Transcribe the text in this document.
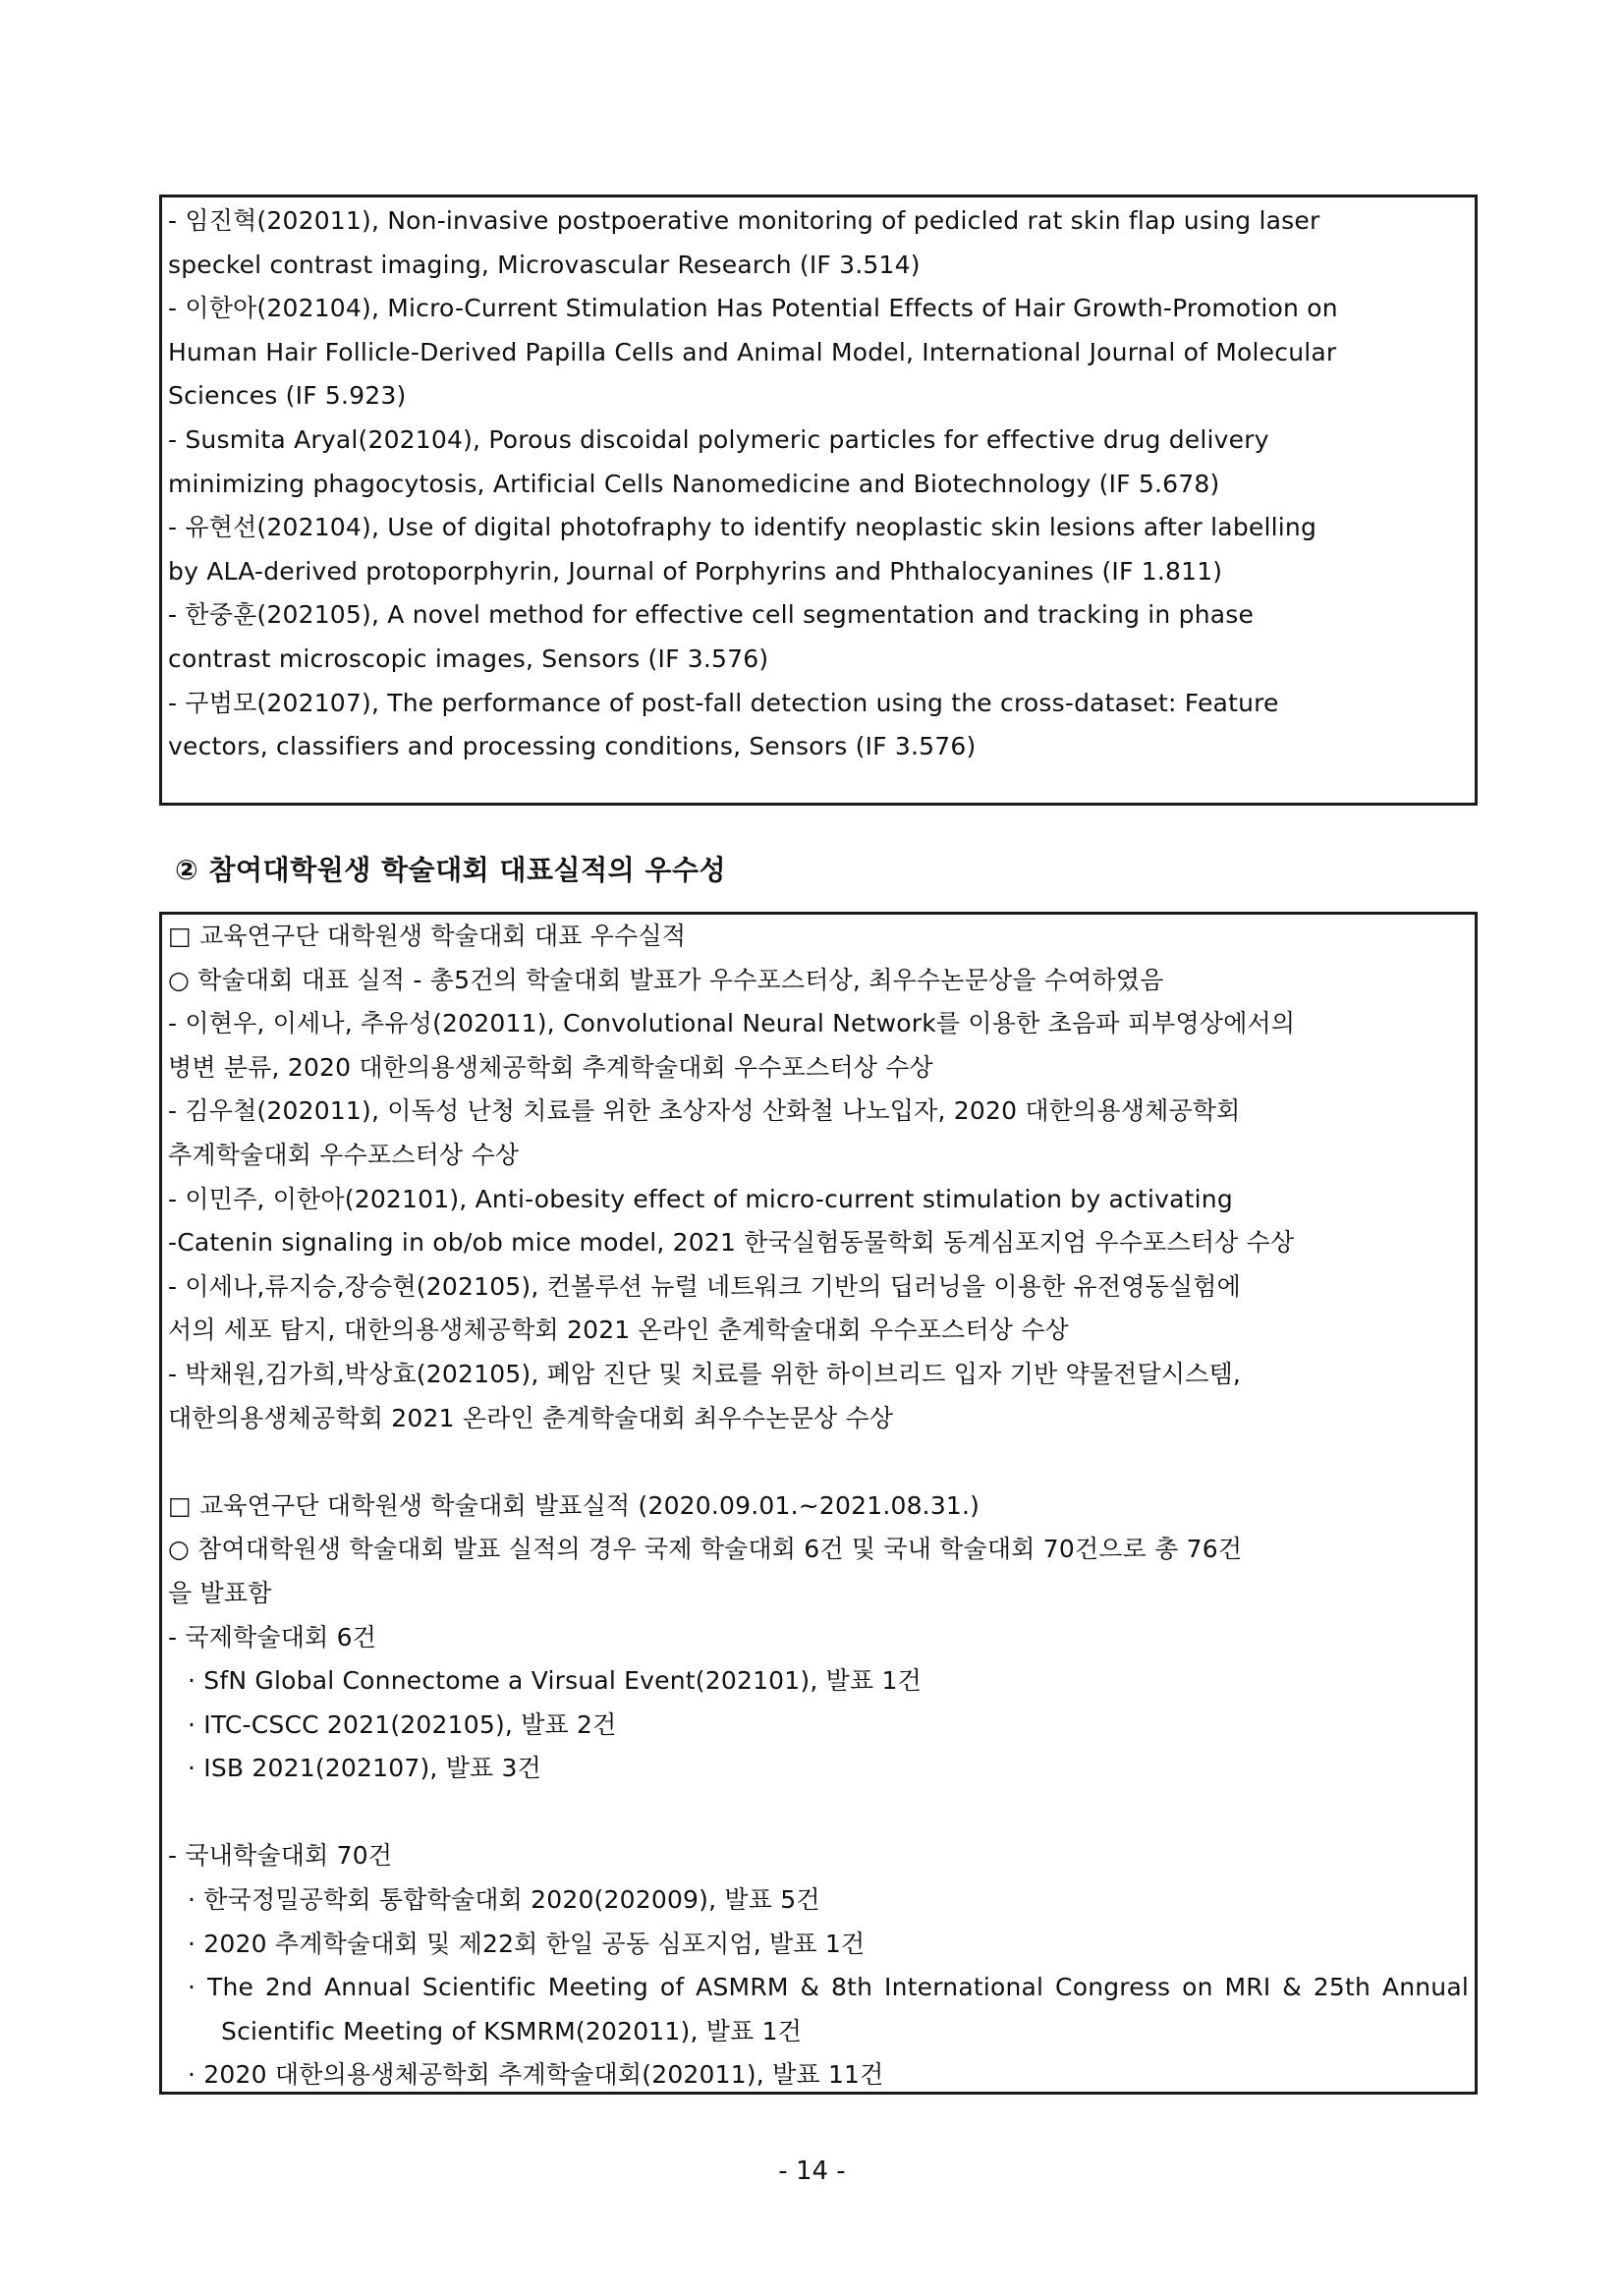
- 임진혁(202011), Non-invasive postpoerative monitoring of pedicled rat skin flap using laser

speckel contrast imaging, Microvascular Research (IF 3.514)

- 이한아(202104), Micro-Current Stimulation Has Potential Effects of Hair Growth-Promotion on

Human Hair Follicle-Derived Papilla Cells and Animal Model, International Journal of Molecular

Sciences (IF 5.923)

- Susmita Aryal(202104), Porous discoidal polymeric particles for effective drug delivery

minimizing phagocytosis, Artificial Cells Nanomedicine and Biotechnology (IF 5.678)

- 유현선(202104), Use of digital photofraphy to identify neoplastic skin lesions after labelling

by ALA-derived protoporphyrin, Journal of Porphyrins and Phthalocyanines (IF 1.811)

- 한중훈(202105), A novel method for effective cell segmentation and tracking in phase

contrast microscopic images, Sensors (IF 3.576)

- 구범모(202107), The performance of post-fall detection using the cross-dataset: Feature

vectors, classifiers and processing conditions, Sensors (IF 3.576)

② 참여대학원생 학술대회 대표실적의 우수성

□ 교육연구단 대학원생 학술대회 대표 우수실적

○ 학술대회 대표 실적 - 총5건의 학술대회 발표가 우수포스터상, 최우수논문상을 수여하였음

- 이현우, 이세나, 추유성(202011), Convolutional Neural Network를 이용한 초음파 피부영상에서의

병변 분류, 2020 대한의용생체공학회 추계학술대회 우수포스터상 수상

- 김우철(202011), 이독성 난청 치료를 위한 초상자성 산화철 나노입자, 2020 대한의용생체공학회

추계학술대회 우수포스터상 수상

- 이민주, 이한아(202101), Anti-obesity effect of micro-current stimulation by activating

-Catenin signaling in ob/ob mice model, 2021 한국실험동물학회 동계심포지엄 우수포스터상 수상

- 이세나,류지승,장승현(202105), 컨볼루션 뉴럴 네트워크 기반의 딥러닝을 이용한 유전영동실험에

서의 세포 탐지, 대한의용생체공학회 2021 온라인 춘계학술대회 우수포스터상 수상

- 박채원,김가희,박상효(202105), 폐암 진단 및 치료를 위한 하이브리드 입자 기반 약물전달시스템,

대한의용생체공학회 2021 온라인 춘계학술대회 최우수논문상 수상

□ 교육연구단 대학원생 학술대회 발표실적 (2020.09.01.~2021.08.31.)

○ 참여대학원생 학술대회 발표 실적의 경우 국제 학술대회 6건 및 국내 학술대회 70건으로 총 76건

을 발표함

- 국제학술대회 6건

· SfN Global Connectome a Virsual Event(202101), 발표 1건

· ITC-CSCC 2021(202105), 발표 2건

· ISB 2021(202107), 발표 3건

- 국내학술대회 70건

· 한국정밀공학회 통합학술대회 2020(202009), 발표 5건

· 2020 추계학술대회 및 제22회 한일 공동 심포지엄, 발표 1건

· The 2nd Annual Scientific Meeting of ASMRM & 8th International Congress on MRI & 25th Annual Scientific Meeting of KSMRM(202011), 발표 1건

· 2020 대한의용생체공학회 추계학술대회(202011), 발표 11건

- 14 -
